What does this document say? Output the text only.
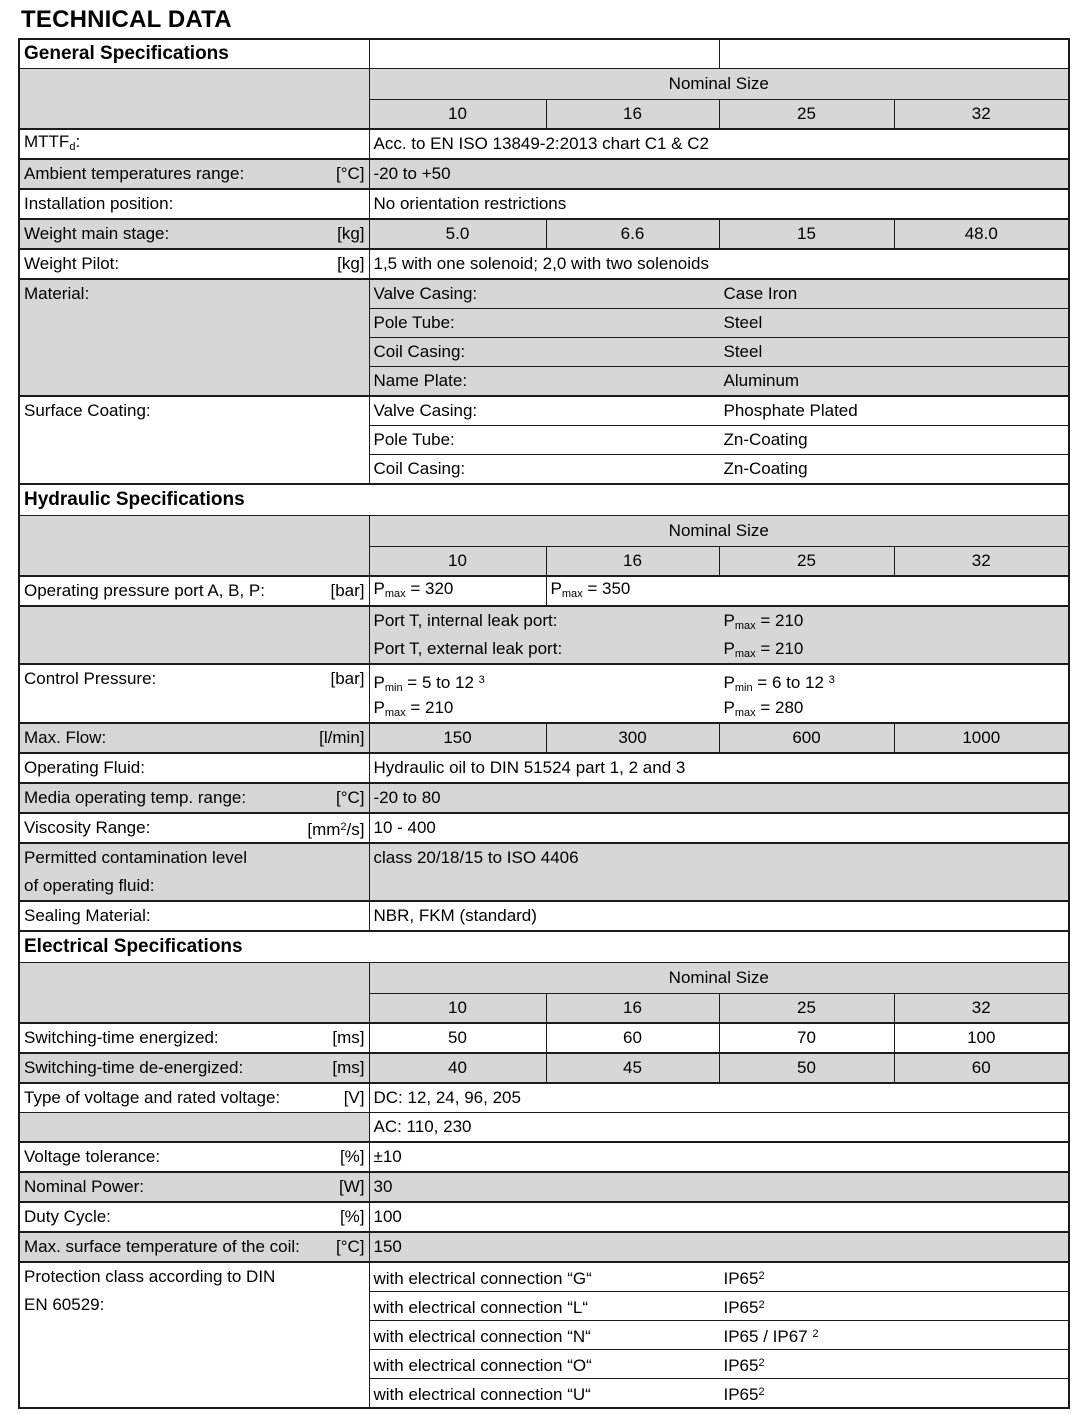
TECHNICAL DATA
General Specifications				
	Nominal Size			
	10	16	25	32
$MTTF_d$:	Acc. to EN ISO 13849-2:2013 chart C1 & C2			

Ambient temperatures range: [°C]	-20 to +50			
Installation position:	No orientation restrictions			

Weight main stage: [kg]	5.0	6.6	15	48.0

Weight Pilot: [kg]	1,5 with one solenoid; 2,0 with two solenoids			
Material:	Valve Casing: Case Iron			
	Pole Tube: Steel			
	Coil Casing: Steel			
	Name Plate: Aluminum			
Surface Coating:	Valve Casing: Phosphate Plated			
	Pole Tube: Zn-Coating			
	Coil Casing: Zn-Coating			
Hydraulic Specifications				
	Nominal Size			
	10	16	25	32

Operating pressure port A, B, P: [bar]	$P_{max} = 320$	$P_{max} = 350$		

	Port T, internal leak port: $P_{max} = 210$
Port T, external leak port: $P_{max} = 210$			

Control Pressure:	[bar]	$P_{min} = 5$ to 12 $^3$	$P_{min} = 6$ to 12 $^3$
$P_{max} = 210$	$P_{max} = 280$

Max. Flow: [l/min]	150	300	600	1000
Operating Fluid:	Hydraulic oil to DIN 51524 part 1, 2 and 3			

Media operating temp. range: [°C]	-20 to 80			

Viscosity Range: $[mm^2/s]$	10 - 400			

Permitted contamination level
of operating fluid:	class 20/18/15 to ISO 4406			

Sealing Material:	NBR, FKM (standard)			
Electrical Specifications				
	Nominal Size			
	10	16	25	32

Switching-time energized: [ms]	50	60	70	100

Switching-time de-energized: [ms]	40	45	50	60

Type of voltage and rated voltage: [V]	DC: 12, 24, 96, 205			
	AC: 110, 230			

Voltage tolerance: [%]	±10			

Nominal Power: [W]	30			

Duty Cycle: [%]	100			

Max. surface temperature of the coil: [°C]	150			

Protection class according to DIN
EN 60529:	with electrical connection “G“ $IP65^2$
	with electrical connection “L“ $IP65^2$
	with electrical connection “N“ IP65 / IP67 $^2$
	with electrical connection “O“ $IP65^2$
	with electrical connection “U“ $IP65^2$
